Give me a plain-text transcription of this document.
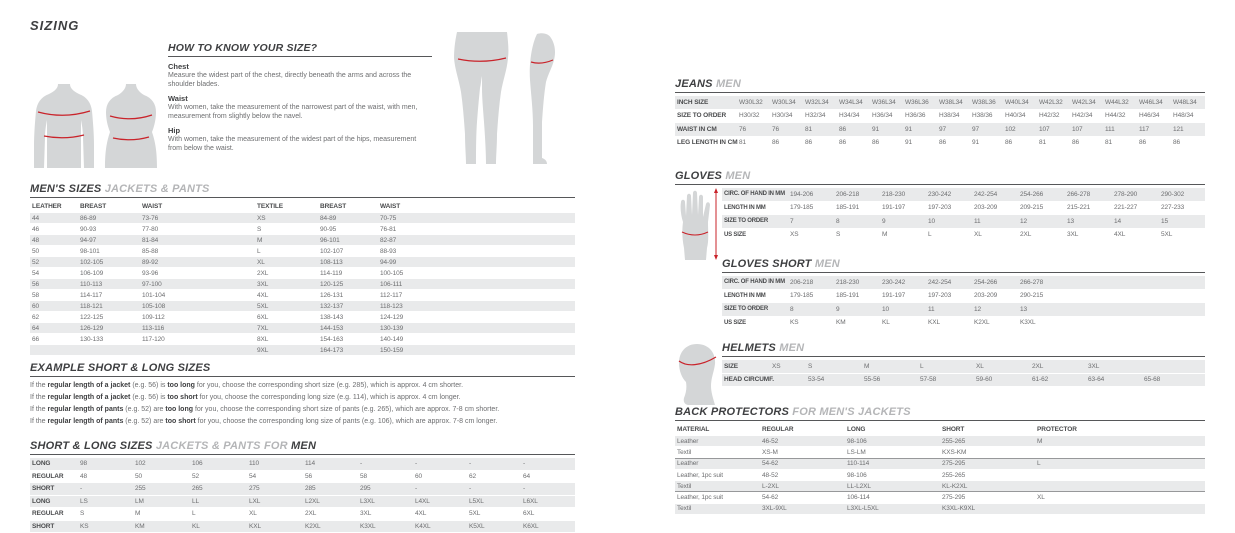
SIZING
HOW TO KNOW YOUR SIZE?
Chest
Measure the widest part of the chest, directly beneath the arms and across the shoulder blades.
Waist
With women, take the measurement of the narrowest part of the waist, with men, measurement from slightly below the navel.
Hip
With women, take the measurement of the widest part of the hips, measurement from below the waist.
MEN'S SIZES JACKETS & PANTS
LEATHER	BREAST	WAIST	TEXTILE	BREAST	WAIST
44	86-89	73-76	XS	84-89	70-75
46	90-93	77-80	S	90-95	76-81
48	94-97	81-84	M	96-101	82-87
50	98-101	85-88	L	102-107	88-93
52	102-105	89-92	XL	108-113	94-99
54	106-109	93-96	2XL	114-119	100-105
56	110-113	97-100	3XL	120-125	106-111
58	114-117	101-104	4XL	126-131	112-117
60	118-121	105-108	5XL	132-137	118-123
62	122-125	109-112	6XL	138-143	124-129
64	126-129	113-116	7XL	144-153	130-139
66	130-133	117-120	8XL	154-163	140-149
			9XL	164-173	150-159
EXAMPLE SHORT & LONG SIZES
If the regular length of a jacket (e.g. 56) is too long for you, choose the corresponding short size (e.g. 285), which is approx. 4 cm shorter.
If the regular length of a jacket (e.g. 56) is too short for you, choose the corresponding long size (e.g. 114), which is approx. 4 cm longer.
If the regular length of pants (e.g. 52) are too long for you, choose the corresponding short size of pants (e.g. 265), which are approx. 7-8 cm shorter.
If the regular length of pants (e.g. 52) are too short for you, choose the corresponding long size of pants (e.g. 106), which are approx. 7-8 cm longer.
SHORT & LONG SIZES JACKETS & PANTS FOR MEN
LONG	98	102	106	110	114	-	-	-	-
REGULAR	48	50	52	54	56	58	60	62	64
SHORT	-	255	265	275	285	295	-	-	-
LONG	LS	LM	LL	LXL	L2XL	L3XL	L4XL	L5XL	L6XL
REGULAR	S	M	L	XL	2XL	3XL	4XL	5XL	6XL
SHORT	KS	KM	KL	KXL	K2XL	K3XL	K4XL	K5XL	K6XL
JEANS MEN
INCH SIZE	W30L32	W30L34	W32L34	W34L34	W36L34	W36L36	W38L34	W38L36	W40L34	W42L32	W42L34	W44L32	W46L34	W48L34
SIZE TO ORDER	H30/32	H30/34	H32/34	H34/34	H36/34	H36/36	H38/34	H38/36	H40/34	H42/32	H42/34	H44/32	H46/34	H48/34
WAIST IN CM	76	76	81	86	91	91	97	97	102	107	107	111	117	121
LEG LENGTH IN CM	81	86	86	86	86	91	86	91	86	81	86	81	86	86
GLOVES MEN
CIRC. OF HAND IN MM	194-206	206-218	218-230	230-242	242-254	254-266	266-278	278-290	290-302
LENGTH IN MM	179-185	185-191	191-197	197-203	203-209	209-215	215-221	221-227	227-233
SIZE TO ORDER	7	8	9	10	11	12	13	14	15
US SIZE	XS	S	M	L	XL	2XL	3XL	4XL	5XL
GLOVES SHORT MEN
CIRC. OF HAND IN MM	206-218	218-230	230-242	242-254	254-266	266-278	
LENGTH IN MM	179-185	185-191	191-197	197-203	203-209	290-215	
SIZE TO ORDER	8	9	10	11	12	13	
US SIZE	KS	KM	KL	KXL	K2XL	K3XL	
HELMETS MEN
SIZE	XS	S	M	L	XL	2XL	3XL	
HEAD CIRCUMF.		53-54	55-56	57-58	59-60	61-62	63-64	65-68
BACK PROTECTORS FOR MEN'S JACKETS
MATERIAL	REGULAR	LONG	SHORT	PROTECTOR
Leather	46-52	98-106	255-265	M
Textil	XS-M	LS-LM	KXS-KM	
Leather	54-62	110-114	275-295	L
Leather, 1pc suit	48-52	98-106	255-265	
Textil	L-2XL	LL-L2XL	KL-K2XL	
Leather, 1pc suit	54-62	106-114	275-295	XL
Textil	3XL-9XL	L3XL-L5XL	K3XL-K9XL	
